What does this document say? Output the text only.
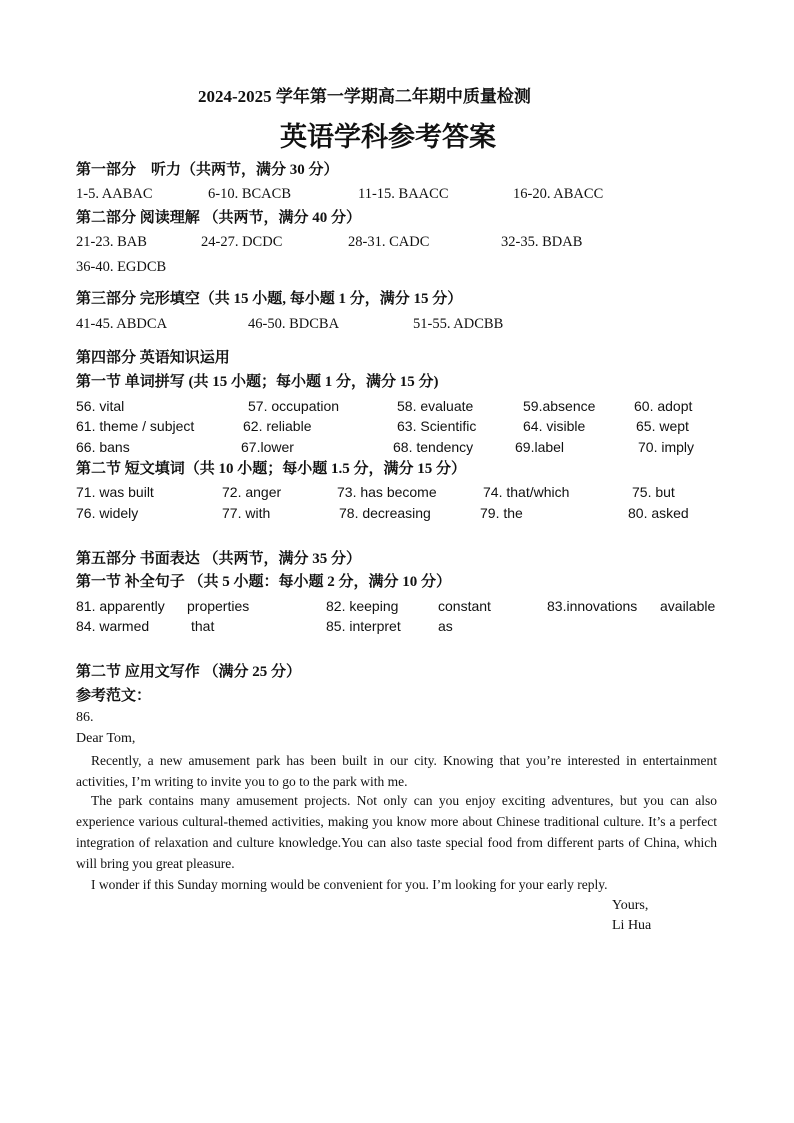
2024-2025 学年第一学期高二年期中质量检测
英语学科参考答案
第一部分　听力（共两节，满分 30 分）
1-5. AABAC	6-10. BCACB	11-15. BAACC	16-20. ABACC
第二部分 阅读理解 （共两节，满分 40 分）
21-23. BAB	24-27. DCDC	28-31. CADC	32-35. BDAB
36-40. EGDCB
第三部分 完形填空（共 15 小题, 每小题 1 分，满分 15 分）
41-45. ABDCA	46-50. BDCBA	51-55. ADCBB
第四部分 英语知识运用
第一节 单词拼写 (共 15 小题；每小题 1 分，满分 15 分)
56. vital	57. occupation	58. evaluate	59.absence	60. adopt
61. theme / subject	62. reliable	63. Scientific	64. visible	65. wept
66. bans	67.lower	68. tendency	69.label	70. imply
第二节 短文填词（共 10 小题；每小题 1.5 分，满分 15 分）
71. was built	72. anger	73. has become	74. that/which	75. but
76. widely	77. with	78. decreasing	79. the	80. asked
第五部分 书面表达 （共两节，满分 35 分）
第一节 补全句子 （共 5 小题：每小题 2 分，满分 10 分）
81. apparently properties	82. keeping	constant	83.innovations available
84. warmed	that	85. interpret	as
第二节 应用文写作 （满分 25 分）
参考范文：
86.
Dear Tom,
Recently, a new amusement park has been built in our city. Knowing that you’re interested in entertainment activities, I’m writing to invite you to go to the park with me.
The park contains many amusement projects. Not only can you enjoy exciting adventures, but you can also experience various cultural-themed activities, making you know more about Chinese traditional culture. It’s a perfect integration of relaxation and culture knowledge.You can also taste special food from different parts of China, which will bring you great pleasure.
I wonder if this Sunday morning would be convenient for you. I’m looking for your early reply.
Yours,
Li Hua
